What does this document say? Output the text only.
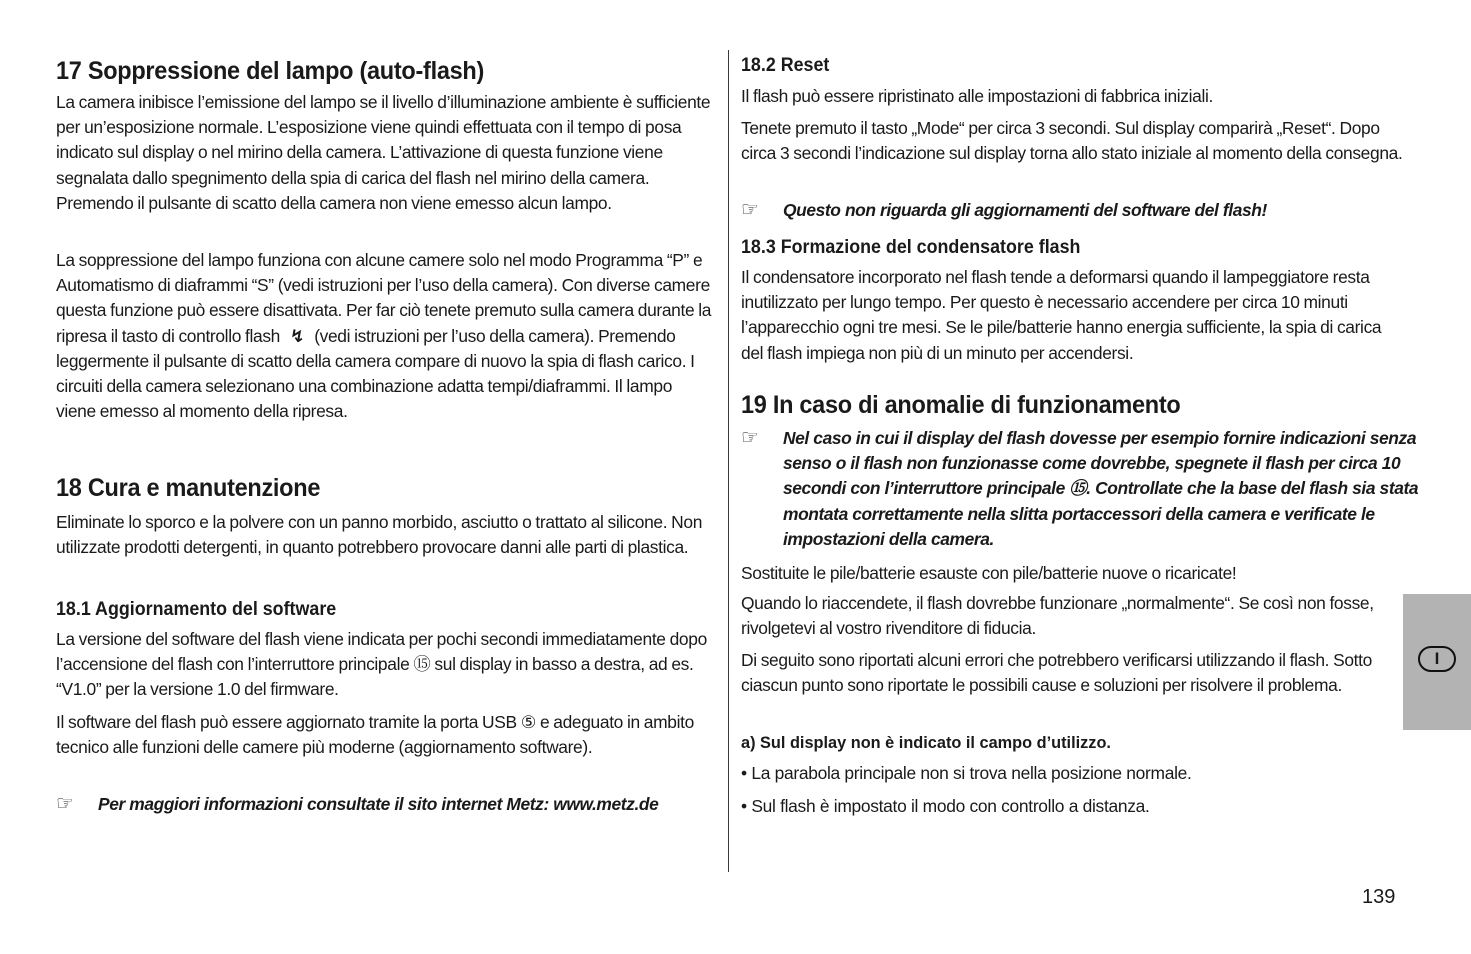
17 Soppressione del lampo (auto-flash)

La camera inibisce l’emissione del lampo se il livello d’illuminazione ambiente è sufficiente per un’esposizione normale. L’esposizione viene quindi effettuata con il tempo di posa indicato sul display o nel mirino della camera. L’attivazione di questa funzione viene segnalata dallo spegnimento della spia di carica del flash nel mirino della camera. Premendo il pulsante di scatto della camera non viene emesso alcun lampo.

La soppressione del lampo funziona con alcune camere solo nel modo Programma “P” e Automatismo di diaframmi “S” (vedi istruzioni per l’uso della camera). Con diverse camere questa funzione può essere disattivata. Per far ciò tenete premuto sulla camera durante la ripresa il tasto di controllo flash ↯ (vedi istruzioni per l’uso della camera). Premendo leggermente il pulsante di scatto della camera compare di nuovo la spia di flash carico. I circuiti della camera selezionano una combinazione adatta tempi/diaframmi. Il lampo viene emesso al momento della ripresa.

18 Cura e manutenzione

Eliminate lo sporco e la polvere con un panno morbido, asciutto o trattato al silicone. Non utilizzate prodotti detergenti, in quanto potrebbero provocare danni alle parti di plastica.

18.1 Aggiornamento del software

La versione del software del flash viene indicata per pochi secondi immediatamente dopo l’accensione del flash con l’interruttore principale ⑮ sul display in basso a destra, ad es. “V1.0” per la versione 1.0 del firmware.

Il software del flash può essere aggiornato tramite la porta USB ⑤ e adeguato in ambito tecnico alle funzioni delle camere più moderne (aggiornamento software).

☞ Per maggiori informazioni consultate il sito internet Metz: www.metz.de
18.2 Reset

Il flash può essere ripristinato alle impostazioni di fabbrica iniziali.

Tenete premuto il tasto „Mode“ per circa 3 secondi. Sul display comparirà „Reset“. Dopo circa 3 secondi l’indicazione sul display torna allo stato iniziale al momento della consegna.

☞ Questo non riguarda gli aggiornamenti del software del flash!
18.3 Formazione del condensatore flash

Il condensatore incorporato nel flash tende a deformarsi quando il lampeggiatore resta inutilizzato per lungo tempo. Per questo è necessario accendere per circa 10 minuti l’apparecchio ogni tre mesi. Se le pile/batterie hanno energia sufficiente, la spia di carica del flash impiega non più di un minuto per accendersi.

19 In caso di anomalie di funzionamento
☞ Nel caso in cui il display del flash dovesse per esempio fornire indicazioni senza senso o il flash non funzionasse come dovrebbe, spegnete il flash per circa 10 secondi con l’interruttore principale ⑮. Controllate che la base del flash sia stata montata correttamente nella slitta portaccessori della camera e verificate le impostazioni della camera.

Sostituite le pile/batterie esauste con pile/batterie nuove o ricaricate!

Quando lo riaccendete, il flash dovrebbe funzionare „normalmente“. Se così non fosse, rivolgetevi al vostro rivenditore di fiducia.

Di seguito sono riportati alcuni errori che potrebbero verificarsi utilizzando il flash. Sotto ciascun punto sono riportate le possibili cause e soluzioni per risolvere il problema.

a) Sul display non è indicato il campo d’utilizzo.
• La parabola principale non si trova nella posizione normale.
• Sul flash è impostato il modo con controllo a distanza.
I
139
